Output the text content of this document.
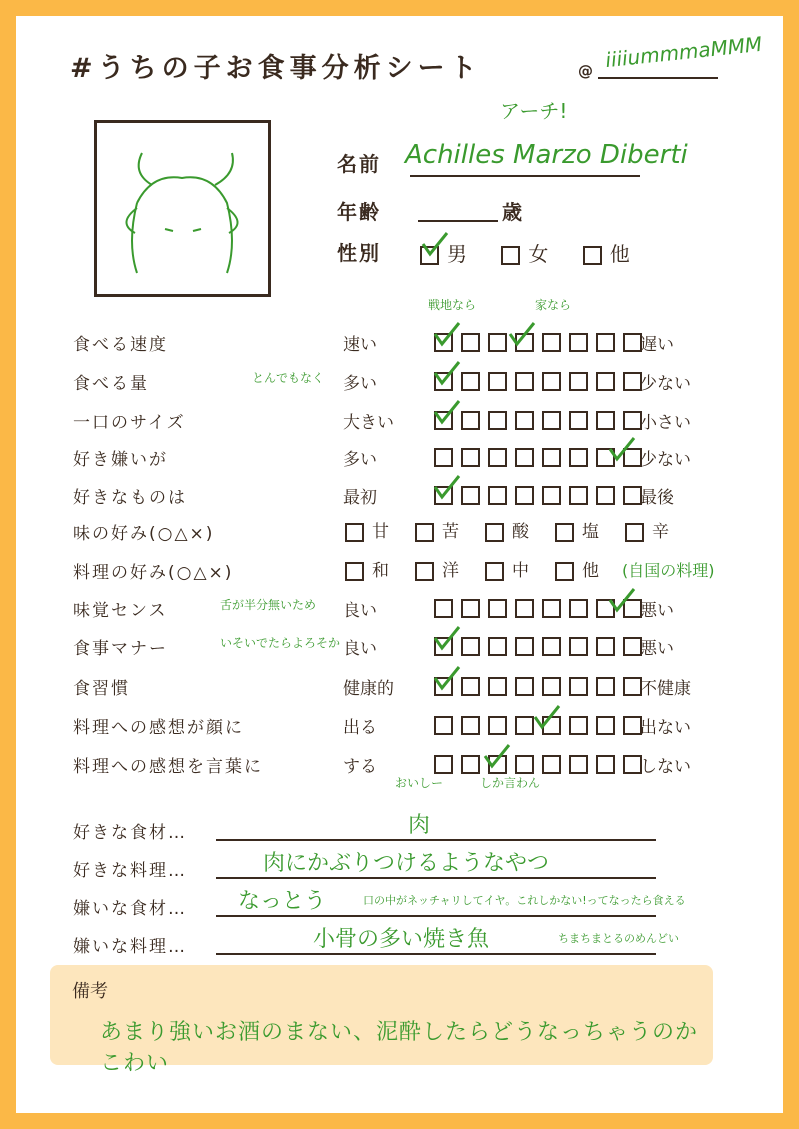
#うちの子お食事分析シート	@ iiiiummmaMMM
アーチ!
名前 Achilles Marzo Diberti
年齢	歳
性別	男	女	他
食べる速度	速い	遅い
戦地なら	家なら
食べる量	多い	少ない
とんでもなく
一口のサイズ	大きい	小さい
好き嫌いが	多い	少ない
好きなものは	最初	最後
味覚センス	良い	悪い
舌が半分無いため
食事マナー	良い	悪い
いそいでたらよろそか
食習慣	健康的	不健康
料理への感想が顔に	出る	出ない
料理への感想を言葉に	する	しない
おいしー	しか言わん
味の好み(○△×)	甘	苦	酸	塩	辛
料理の好み(○△×)	和	洋	中	他	(自国の料理)
好きな食材…	肉
好きな料理…	肉にかぶりつけるようなやつ
嫌いな食材… なっとう	口の中がネッチャリしてイヤ。これしかない!ってなったら食える
嫌いな料理…	小骨の多い焼き魚	ちまちまとるのめんどい
備考
あまり強いお酒のまない、泥酔したらどうなっちゃうのかこわい
